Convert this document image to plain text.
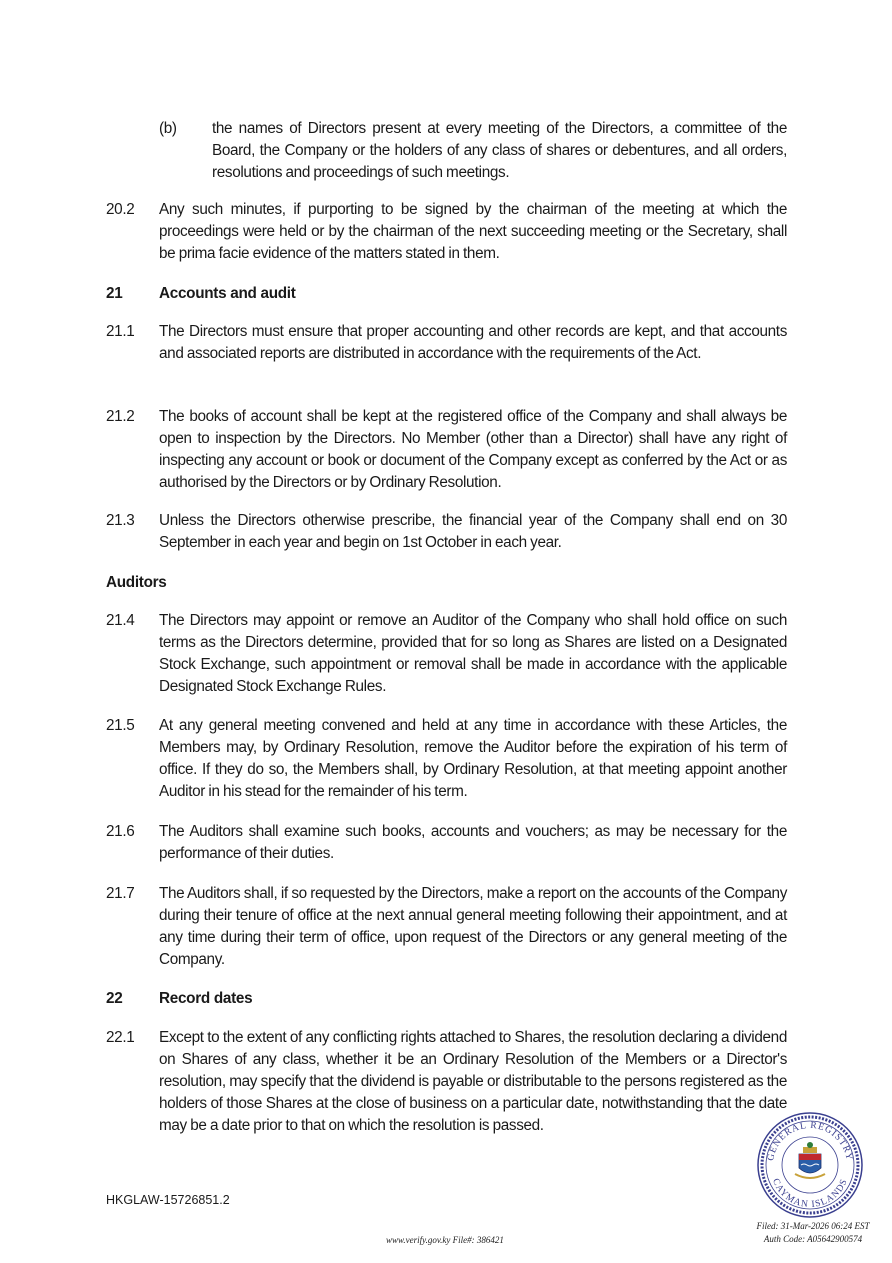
(b) the names of Directors present at every meeting of the Directors, a committee of the Board, the Company or the holders of any class of shares or debentures, and all orders, resolutions and proceedings of such meetings.
20.2 Any such minutes, if purporting to be signed by the chairman of the meeting at which the proceedings were held or by the chairman of the next succeeding meeting or the Secretary, shall be prima facie evidence of the matters stated in them.
21 Accounts and audit
21.1 The Directors must ensure that proper accounting and other records are kept, and that accounts and associated reports are distributed in accordance with the requirements of the Act.
21.2 The books of account shall be kept at the registered office of the Company and shall always be open to inspection by the Directors. No Member (other than a Director) shall have any right of inspecting any account or book or document of the Company except as conferred by the Act or as authorised by the Directors or by Ordinary Resolution.
21.3 Unless the Directors otherwise prescribe, the financial year of the Company shall end on 30 September in each year and begin on 1st October in each year.
Auditors
21.4 The Directors may appoint or remove an Auditor of the Company who shall hold office on such terms as the Directors determine, provided that for so long as Shares are listed on a Designated Stock Exchange, such appointment or removal shall be made in accordance with the applicable Designated Stock Exchange Rules.
21.5 At any general meeting convened and held at any time in accordance with these Articles, the Members may, by Ordinary Resolution, remove the Auditor before the expiration of his term of office. If they do so, the Members shall, by Ordinary Resolution, at that meeting appoint another Auditor in his stead for the remainder of his term.
21.6 The Auditors shall examine such books, accounts and vouchers; as may be necessary for the performance of their duties.
21.7 The Auditors shall, if so requested by the Directors, make a report on the accounts of the Company during their tenure of office at the next annual general meeting following their appointment, and at any time during their term of office, upon request of the Directors or any general meeting of the Company.
22 Record dates
22.1 Except to the extent of any conflicting rights attached to Shares, the resolution declaring a dividend on Shares of any class, whether it be an Ordinary Resolution of the Members or a Director's resolution, may specify that the dividend is payable or distributable to the persons registered as the holders of those Shares at the close of business on a particular date, notwithstanding that the date may be a date prior to that on which the resolution is passed.
HKGLAW-15726851.2
GENERAL REGISTRY
CAYMAN ISLANDS
Filed: 31-Mar-2026 06:24 EST
Auth Code: A05642900574
www.verify.gov.ky File#: 386421
